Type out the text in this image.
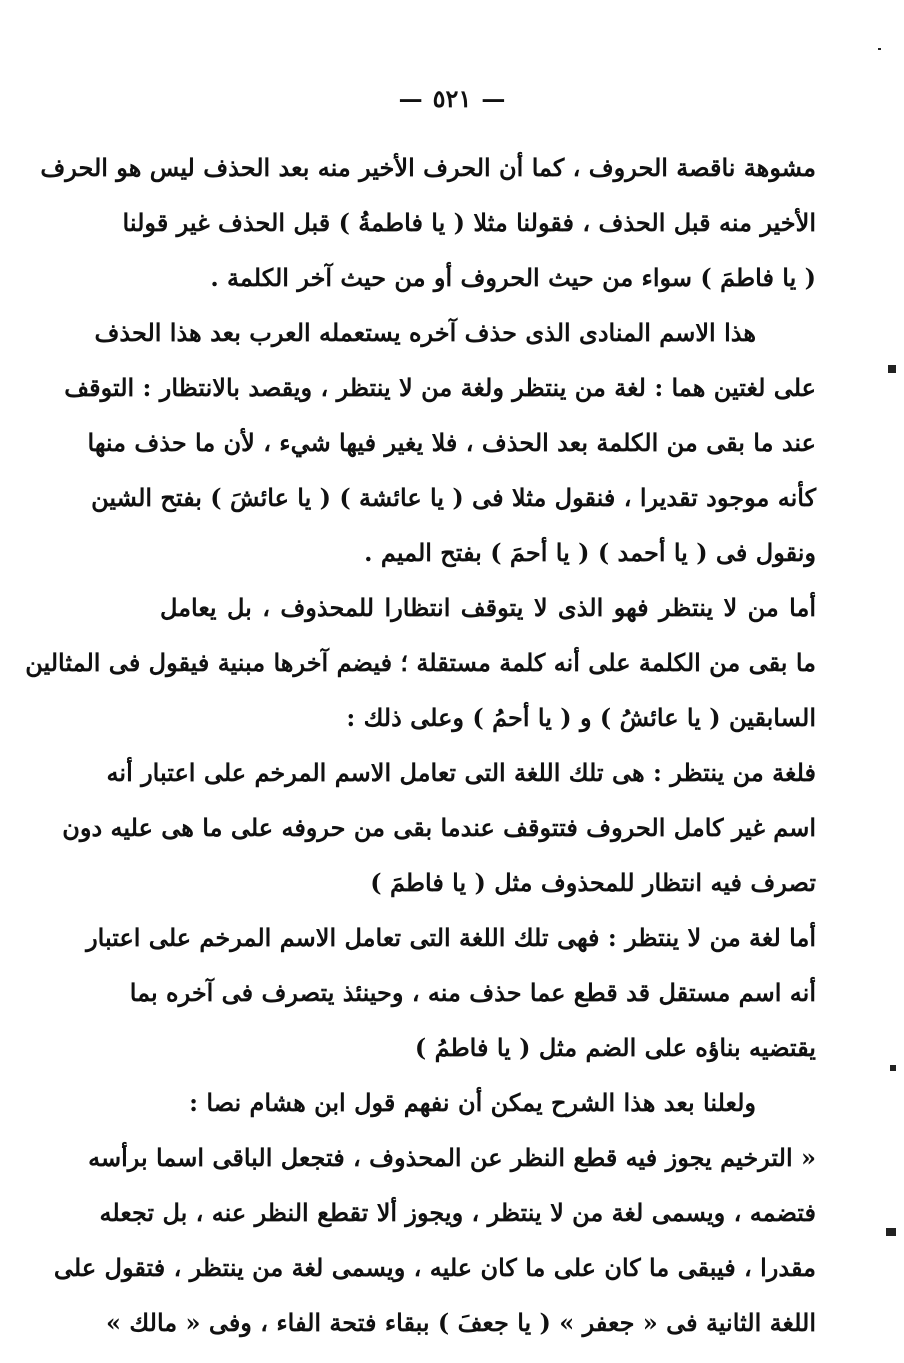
—٥٢١—
مشوهة ناقصة الحروف ، كما أن الحرف الأخير منه بعد الحذف ليس هو الحرف
الأخير منه قبل الحذف ، فقولنا مثلا ( يا فاطمةُ ) قبل الحذف غير قولنا
( يا فاطمَ ) سواء من حيث الحروف أو من حيث آخر الكلمة .
هذا الاسم المنادى الذى حذف آخره يستعمله العرب بعد هذا الحذف
على لغتين هما : لغة من ينتظر ولغة من لا ينتظر ، ويقصد بالانتظار : التوقف
عند ما بقى من الكلمة بعد الحذف ، فلا يغير فيها شيء ، لأن ما حذف منها
كأنه موجود تقديرا ، فنقول مثلا فى ( يا عائشة ) ( يا عائشَ ) بفتح الشين
ونقول فى ( يا أحمد ) ( يا أحمَ ) بفتح الميم .
أما من لا ينتظر فهو الذى لا يتوقف انتظارا للمحذوف ، بل يعامل
ما بقى من الكلمة على أنه كلمة مستقلة ؛ فيضم آخرها مبنية فيقول فى المثالين
السابقين ( يا عائشُ ) و ( يا أحمُ ) وعلى ذلك :
فلغة من ينتظر : هى تلك اللغة التى تعامل الاسم المرخم على اعتبار أنه
اسم غير كامل الحروف فتتوقف عندما بقى من حروفه على ما هى عليه دون
تصرف فيه انتظار للمحذوف مثل ( يا فاطمَ )
أما لغة من لا ينتظر : فهى تلك اللغة التى تعامل الاسم المرخم على اعتبار
أنه اسم مستقل قد قطع عما حذف منه ، وحينئذ يتصرف فى آخره بما
يقتضيه بناؤه على الضم مثل ( يا فاطمُ )
ولعلنا بعد هذا الشرح يمكن أن نفهم قول ابن هشام نصا :
« الترخيم يجوز فيه قطع النظر عن المحذوف ، فتجعل الباقى اسما برأسه
فتضمه ، ويسمى لغة من لا ينتظر ، ويجوز ألا تقطع النظر عنه ، بل تجعله
مقدرا ، فيبقى ما كان على ما كان عليه ، ويسمى لغة من ينتظر ، فتقول على
اللغة الثانية فى « جعفر » ( يا جعفَ ) ببقاء فتحة الفاء ، وفى « مالك »
